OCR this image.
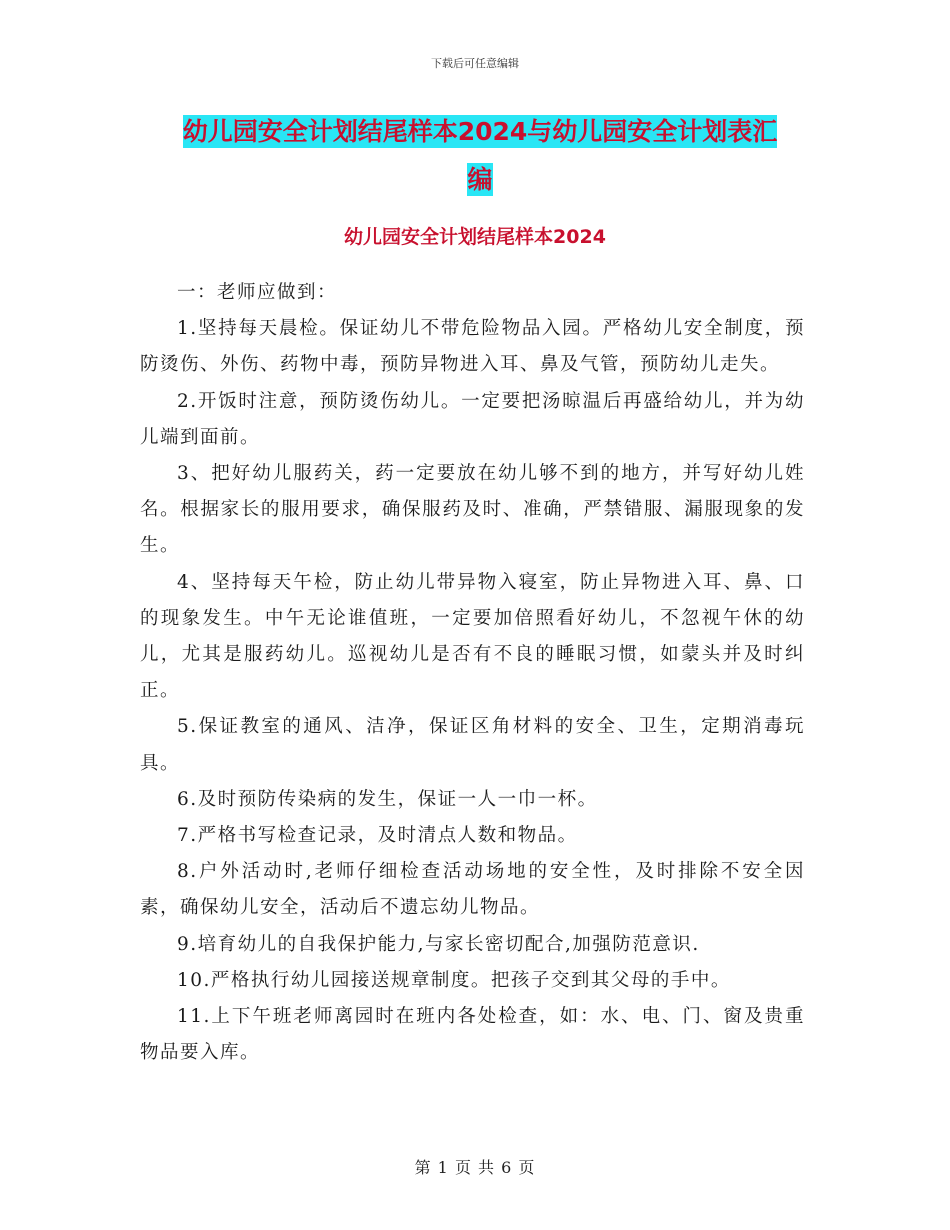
下载后可任意编辑
幼儿园安全计划结尾样本2024与幼儿园安全计划表汇
编
幼儿园安全计划结尾样本2024

一：老师应做到：

1.坚持每天晨检。保证幼儿不带危险物品入园。严格幼儿安全制度，预防烫伤、外伤、药物中毒，预防异物进入耳、鼻及气管，预防幼儿走失。

2.开饭时注意，预防烫伤幼儿。一定要把汤晾温后再盛给幼儿，并为幼儿端到面前。

3、把好幼儿服药关，药一定要放在幼儿够不到的地方，并写好幼儿姓名。根据家长的服用要求，确保服药及时、准确，严禁错服、漏服现象的发生。

4、坚持每天午检，防止幼儿带异物入寝室，防止异物进入耳、鼻、口的现象发生。中午无论谁值班，一定要加倍照看好幼儿，不忽视午休的幼儿，尤其是服药幼儿。巡视幼儿是否有不良的睡眠习惯，如蒙头并及时纠正。

5.保证教室的通风、洁净，保证区角材料的安全、卫生，定期消毒玩具。

6.及时预防传染病的发生，保证一人一巾一杯。

7.严格书写检查记录，及时清点人数和物品。

8.户外活动时,老师仔细检查活动场地的安全性，及时排除不安全因素，确保幼儿安全，活动后不遗忘幼儿物品。

9.培育幼儿的自我保护能力,与家长密切配合,加强防范意识.

10.严格执行幼儿园接送规章制度。把孩子交到其父母的手中。

11.上下午班老师离园时在班内各处检查，如：水、电、门、窗及贵重物品要入库。

第 1 页 共 6 页
